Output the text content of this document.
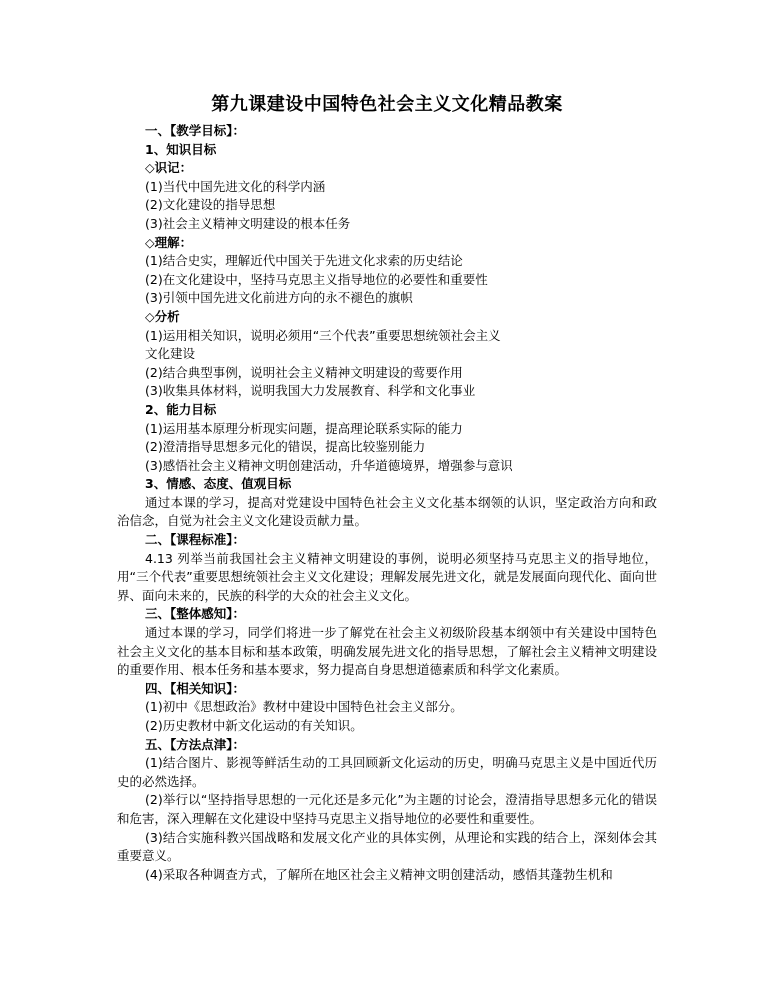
第九课建设中国特色社会主义文化精品教案
一、【教学目标】：
1、知识目标
◇识记：
(1)当代中国先进文化的科学内涵
(2)文化建设的指导思想
(3)社会主义精神文明建设的根本任务
◇理解：
(1)结合史实，理解近代中国关于先进文化求索的历史结论
(2)在文化建设中，坚持马克思主义指导地位的必要性和重要性
(3)引领中国先进文化前进方向的永不褪色的旗帜
◇分析
(1)运用相关知识，说明必须用“三个代表”重要思想统领社会主义
文化建设
(2)结合典型事例，说明社会主义精神文明建设的莺要作用
(3)收集具体材料，说明我国大力发展教育、科学和文化事业
2、能力目标
(1)运用基本原理分析现实问题，提高理论联系实际的能力
(2)澄清指导思想多元化的错误，提高比较鉴别能力
(3)感悟社会主义精神文明创建活动，升华道德境界，增强参与意识
3、情感、态度、值观目标
通过本课的学习，提高对党建设中国特色社会主义文化基本纲领的认识，坚定政治方向和政治信念，自觉为社会主义文化建设贡献力量。
二、【课程标准】：
4.13 列举当前我国社会主义精神文明建设的事例，说明必须坚持马克思主义的指导地位，用“三个代表”重要思想统领社会主义文化建设；理解发展先进文化，就是发展面向现代化、面向世界、面向未来的，民族的科学的大众的社会主义文化。
三、【整体感知】：
通过本课的学习，同学们将进一步了解党在社会主义初级阶段基本纲领中有关建设中国特色社会主义文化的基本目标和基本政策，明确发展先进文化的指导思想，了解社会主义精神文明建设的重要作用、根本任务和基本要求，努力提高自身思想道德素质和科学文化素质。
四、【相关知识】：
(1)初中《思想政治》教材中建设中国特色社会主义部分。
(2)历史教材中新文化运动的有关知识。
五、【方法点津】：
(1)结合图片、影视等鲜活生动的工具回顾新文化运动的历史，明确马克思主义是中国近代历史的必然选择。
(2)举行以“坚持指导思想的一元化还是多元化”为主题的讨论会，澄清指导思想多元化的错误和危害，深入理解在文化建设中坚持马克思主义指导地位的必要性和重要性。
(3)结合实施科教兴国战略和发展文化产业的具体实例，从理论和实践的结合上，深刻体会其重要意义。
(4)采取各种调查方式，了解所在地区社会主义精神文明创建活动，感悟其蓬勃生机和
